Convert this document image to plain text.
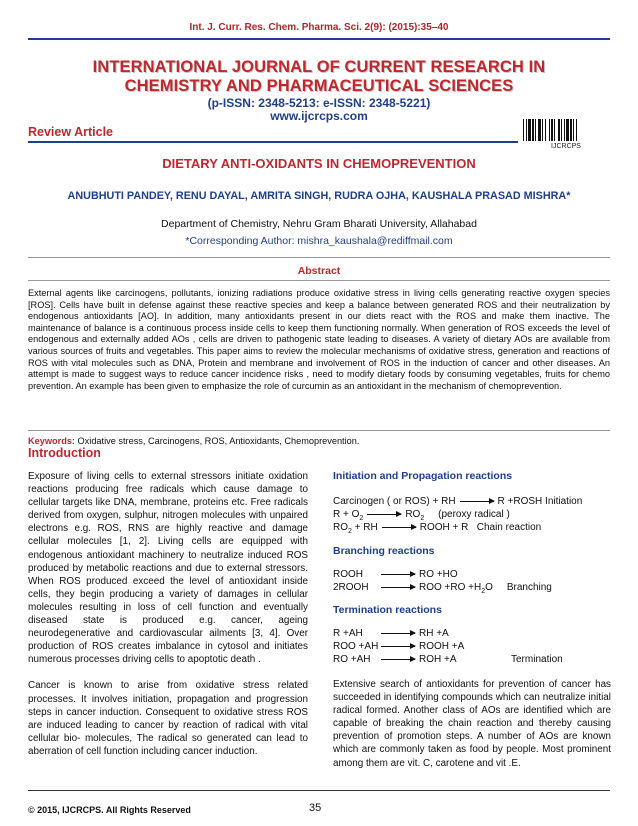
Int. J. Curr. Res. Chem. Pharma. Sci. 2(9): (2015):35–40
INTERNATIONAL JOURNAL OF CURRENT RESEARCH IN
CHEMISTRY AND PHARMACEUTICAL SCIENCES
(p-ISSN: 2348-5213: e-ISSN: 2348-5221)
www.ijcrcps.com
Review Article
IJCRCPS
DIETARY ANTI-OXIDANTS IN CHEMOPREVENTION
ANUBHUTI PANDEY, RENU DAYAL, AMRITA SINGH, RUDRA OJHA, KAUSHALA PRASAD MISHRA*
Department of Chemistry, Nehru Gram Bharati University, Allahabad
*Corresponding Author: mishra_kaushala@rediffmail.com
Abstract
External agents like carcinogens, pollutants, ionizing radiations produce oxidative stress in living cells generating reactive oxygen species [ROS]. Cells have built in defense against these reactive species and keep a balance between generated ROS and their neutralization by endogenous antioxidants [AO]. In addition, many antioxidants present in our diets react with the ROS and make them inactive. The maintenance of balance is a continuous process inside cells to keep them functioning normally. When generation of ROS exceeds the level of endogenous and externally added AOs , cells are driven to pathogenic state leading to diseases. A variety of dietary AOs are available from various sources of fruits and vegetables. This paper aims to review the molecular mechanisms of oxidative stress, generation and reactions of ROS with vital molecules such as DNA, Protein and membrane and involvement of ROS in the induction of cancer and other diseases. An attempt is made to suggest ways to reduce cancer incidence risks , need to modify dietary foods by consuming vegetables, fruits for chemo prevention. An example has been given to emphasize the role of curcumin as an antioxidant in the mechanism of chemoprevention.
Keywords: Oxidative stress, Carcinogens, ROS, Antioxidants, Chemoprevention.
Introduction

Exposure of living cells to external stressors initiate oxidation reactions producing free radicals which cause damage to cellular targets like DNA, membrane, proteins etc. Free radicals derived from oxygen, sulphur, nitrogen molecules with unpaired electrons e.g. ROS, RNS are highly reactive and damage cellular molecules [1, 2]. Living cells are equipped with endogenous antioxidant machinery to neutralize induced ROS produced by metabolic reactions and due to external stressors. When ROS produced exceed the level of antioxidant inside cells, they begin producing a variety of damages in cellular molecules resulting in loss of cell function and eventually diseased state is produced e.g. cancer, ageing neurodegenerative and cardiovascular ailments [3, 4]. Over production of ROS creates imbalance in cytosol and initiates numerous processes driving cells to apoptotic death .

Cancer is known to arise from oxidative stress related processes. It involves initiation, propagation and progression steps in cancer induction. Consequent to oxidative stress ROS are induced leading to cancer by reaction of radical with vital cellular bio- molecules, The radical so generated can lead to aberration of cell function including cancer induction.

Initiation and Propagation reactions
Carcinogen ( or ROS) + RH	R +ROSH Initiation
$R + O_2$	$RO_2$ (peroxy radical )
$RO_2$ + RH	ROOH + R Chain reaction
Branching reactions
ROOH	RO +HO
2ROOH	ROO $+RO +H_2O$ Branching
Termination reactions
R +AH	RH +A
ROO +AH	ROOH +A
RO +AH	ROH +A	Termination
Extensive search of antioxidants for prevention of cancer has succeeded in identifying compounds which can neutralize initial radical formed. Another class of AOs are identified which are capable of breaking the chain reaction and thereby causing prevention of promotion steps. A number of AOs are known which are commonly taken as food by people. Most prominent among them are vit. C, carotene and vit .E.
© 2015, IJCRCPS. All Rights Reserved	35
